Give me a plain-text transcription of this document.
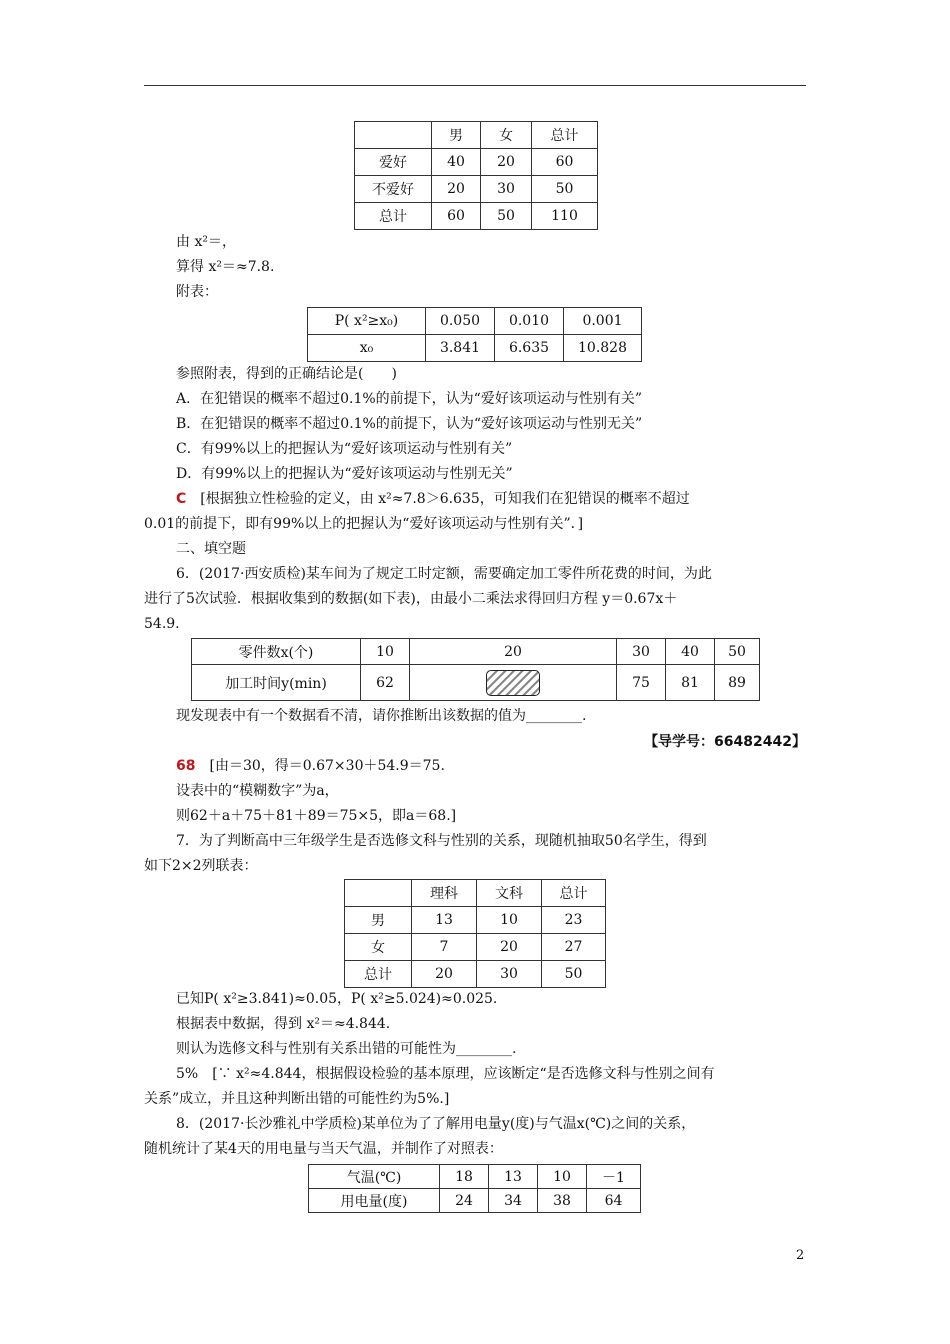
	男	女	总计
爱好	40	20	60
不爱好	20	30	50
总计	60	50	110
由 x²＝，
算得 x²＝≈7.8.
附表：
P( x²≥x₀)	0.050	0.010	0.001
x₀	3.841	6.635	10.828
参照附表，得到的正确结论是(　　)
A．在犯错误的概率不超过0.1%的前提下，认为“爱好该项运动与性别有关”
B．在犯错误的概率不超过0.1%的前提下，认为“爱好该项运动与性别无关”
C．有99%以上的把握认为“爱好该项运动与性别有关”
D．有99%以上的把握认为“爱好该项运动与性别无关”
C　[根据独立性检验的定义，由 x²≈7.8＞6.635，可知我们在犯错误的概率不超过
0.01的前提下，即有99%以上的把握认为“爱好该项运动与性别有关”．]
二、填空题
6．(2017·西安质检)某车间为了规定工时定额，需要确定加工零件所花费的时间，为此
进行了5次试验．根据收集到的数据(如下表)，由最小二乘法求得回归方程 y＝0.67x＋
54.9.
零件数x(个)	10	20	30	40	50
加工时间y(min)	62		75	81	89
现发现表中有一个数据看不清，请你推断出该数据的值为________.
【导学号：66482442】
68　[由＝30，得＝0.67×30＋54.9＝75.
设表中的“模糊数字”为a，
则62＋a＋75＋81＋89＝75×5，即a＝68.]
7．为了判断高中三年级学生是否选修文科与性别的关系，现随机抽取50名学生，得到
如下2×2列联表：
	理科	文科	总计
男	13	10	23
女	7	20	27
总计	20	30	50
已知P( x²≥3.841)≈0.05，P( x²≥5.024)≈0.025.
根据表中数据，得到 x²＝≈4.844.
则认为选修文科与性别有关系出错的可能性为________.
5%　[∵ x²≈4.844，根据假设检验的基本原理，应该断定“是否选修文科与性别之间有
关系”成立，并且这种判断出错的可能性约为5%.]
8．(2017·长沙雅礼中学质检)某单位为了了解用电量y(度)与气温x(℃)之间的关系，
随机统计了某4天的用电量与当天气温，并制作了对照表：
气温(℃)	18	13	10	－1
用电量(度)	24	34	38	64
2
